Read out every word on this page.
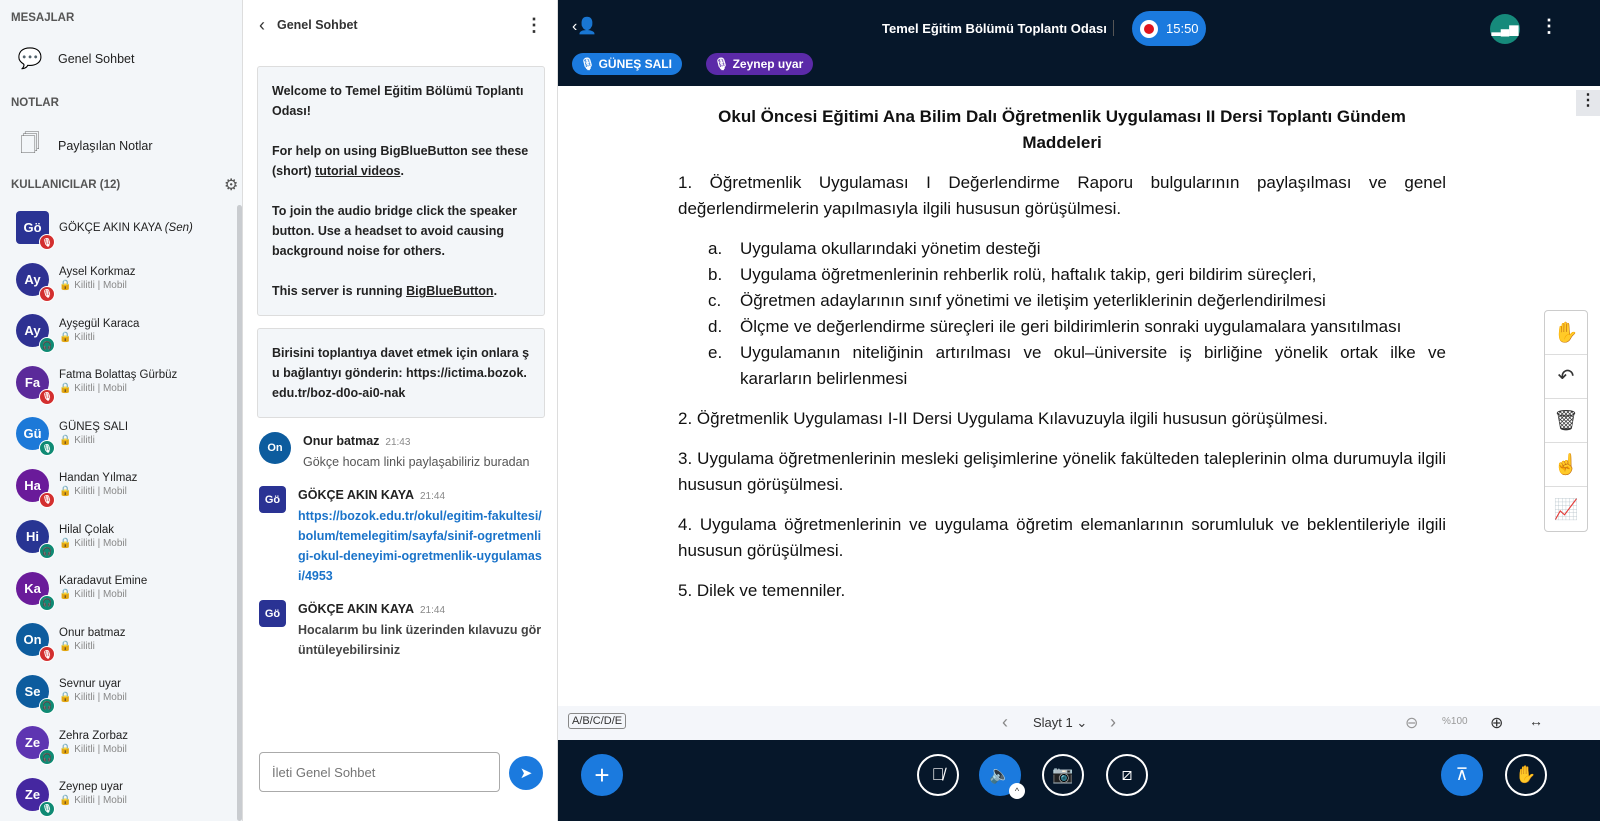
MESAJLAR
💬 Genel Sohbet
NOTLAR
🗍	Paylaşılan Notlar
KULLANICILAR (12)	⚙
Gö
🎙
GÖKÇE AKIN KAYA (Sen)
Ay
🎙
Aysel Korkmaz
🔒 Kilitli | Mobil
Ay
🎧
Ayşegül Karaca
🔒 Kilitli
Fa
🎙
Fatma Bolattaş Gürbüz
🔒 Kilitli | Mobil
Gü
🎙
GÜNEŞ SALI
🔒 Kilitli
Ha
🎙
Handan Yılmaz
🔒 Kilitli | Mobil
Hi
🎧
Hilal Çolak
🔒 Kilitli | Mobil
Ka
🎧
Karadavut Emine
🔒 Kilitli | Mobil
On
🎙
Onur batmaz
🔒 Kilitli
Se
🎧
Sevnur uyar
🔒 Kilitli | Mobil
Ze
🎧
Zehra Zorbaz
🔒 Kilitli | Mobil
Ze
🎙
Zeynep uyar
🔒 Kilitli | Mobil
‹ Genel Sohbet	⋮
Welcome to Temel Eğitim Bölümü Toplantı Odası!

For help on using BigBlueButton see these (short) tutorial videos.

To join the audio bridge click the speaker button. Use a headset to avoid causing background noise for others.

This server is running BigBlueButton.
Birisini toplantıya davet etmek için onlara şu bağlantıyı gönderin: https://ictima.bozok.edu.tr/boz-d0o-ai0-nak
On Onur batmaz 21:43
Gökçe hocam linki paylaşabiliriz buradan
Gö GÖKÇE AKIN KAYA 21:44
https://bozok.edu.tr/okul/egitim-fakultesi/bolum/temelegitim/sayfa/sinif-ogretmenligi-okul-deneyimi-ogretmenlik-uygulamasi/4953
Gö GÖKÇE AKIN KAYA 21:44
Hocalarım bu link üzerinden kılavuzu görüntüleyebilirsiniz
İleti Genel Sohbet
➤
‹👤	Temel Eğitim Bölümü Toplantı Odası	15:50	▂▄▆ ⋮
🎙
GÜNEŞ SALI	🎙
Zeynep uyar
Okul Öncesi Eğitimi Ana Bilim Dalı Öğretmenlik Uygulaması II Dersi Toplantı Gündem Maddeleri

1. Öğretmenlik Uygulaması I Değerlendirme Raporu bulgularının paylaşılması ve genel değerlendirmelerin yapılmasıyla ilgili hususun görüşülmesi.

a.	Uygulama okullarındaki yönetim desteği
b.	Uygulama öğretmenlerinin rehberlik rolü, haftalık takip, geri bildirim süreçleri,
c.	Öğretmen adaylarının sınıf yönetimi ve iletişim yeterliklerinin değerlendirilmesi
d.	Ölçme ve değerlendirme süreçleri ile geri bildirimlerin sonraki uygulamalara yansıtılması
e.	Uygulamanın niteliğinin artırılması ve okul–üniversite iş birliğine yönelik ortak ilke ve kararların belirlenmesi

2. Öğretmenlik Uygulaması I-II Dersi Uygulama Kılavuzuyla ilgili hususun görüşülmesi.

3. Uygulama öğretmenlerinin mesleki gelişimlerine yönelik fakülteden taleplerinin olma durumuyla ilgili hususun görüşülmesi.

4. Uygulama öğretmenlerinin ve uygulama öğretim elemanlarının sorumluluk ve beklentileriyle ilgili hususun görüşülmesi.

5. Dilek ve temenniler.

⋮
✋
↶
🗑
☝
📈
A/B/C/D/E	‹ Slayt 1 ⌄ ›	⊖ %100 ⊕ ↔
+	🎙̸	🔈
^
📷	⧄	⊼	✋
